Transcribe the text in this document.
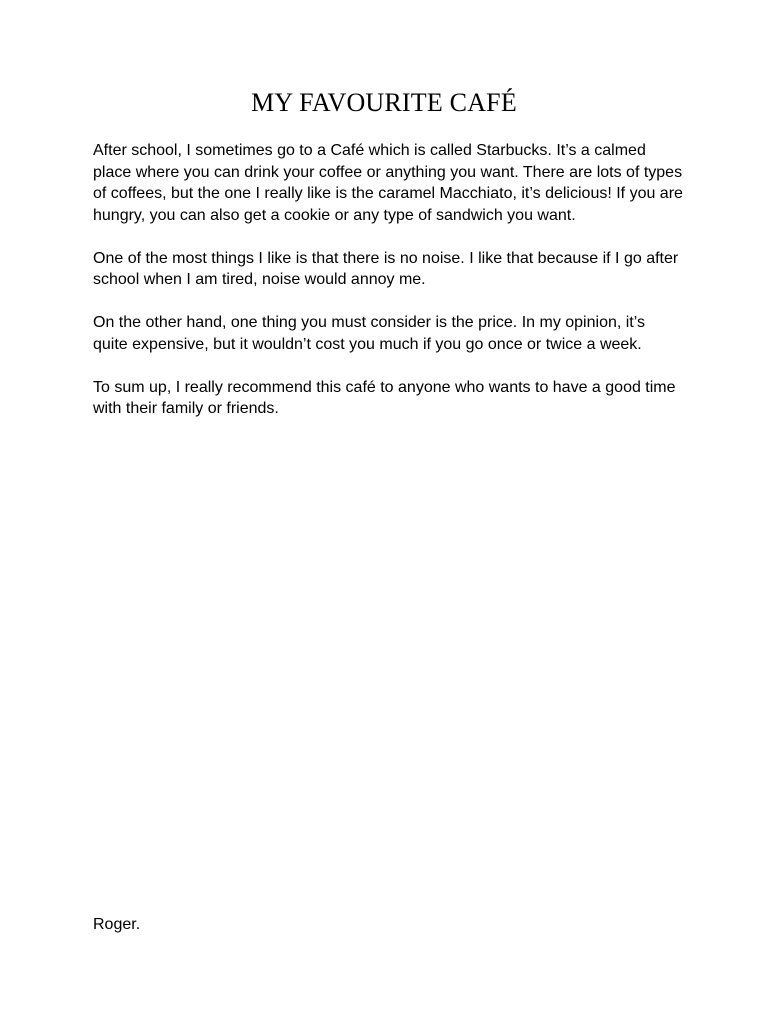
MY FAVOURITE CAFÉ

After school, I sometimes go to a Café which is called Starbucks. It’s a calmed place where you can drink your coffee or anything you want. There are lots of types of coffees, but the one I really like is the caramel Macchiato, it’s delicious! If you are hungry, you can also get a cookie or any type of sandwich you want.

One of the most things I like is that there is no noise. I like that because if I go after school when I am tired, noise would annoy me.

On the other hand, one thing you must consider is the price. In my opinion, it’s quite expensive, but it wouldn’t cost you much if you go once or twice a week.

To sum up, I really recommend this café to anyone who wants to have a good time with their family or friends.

Roger.
